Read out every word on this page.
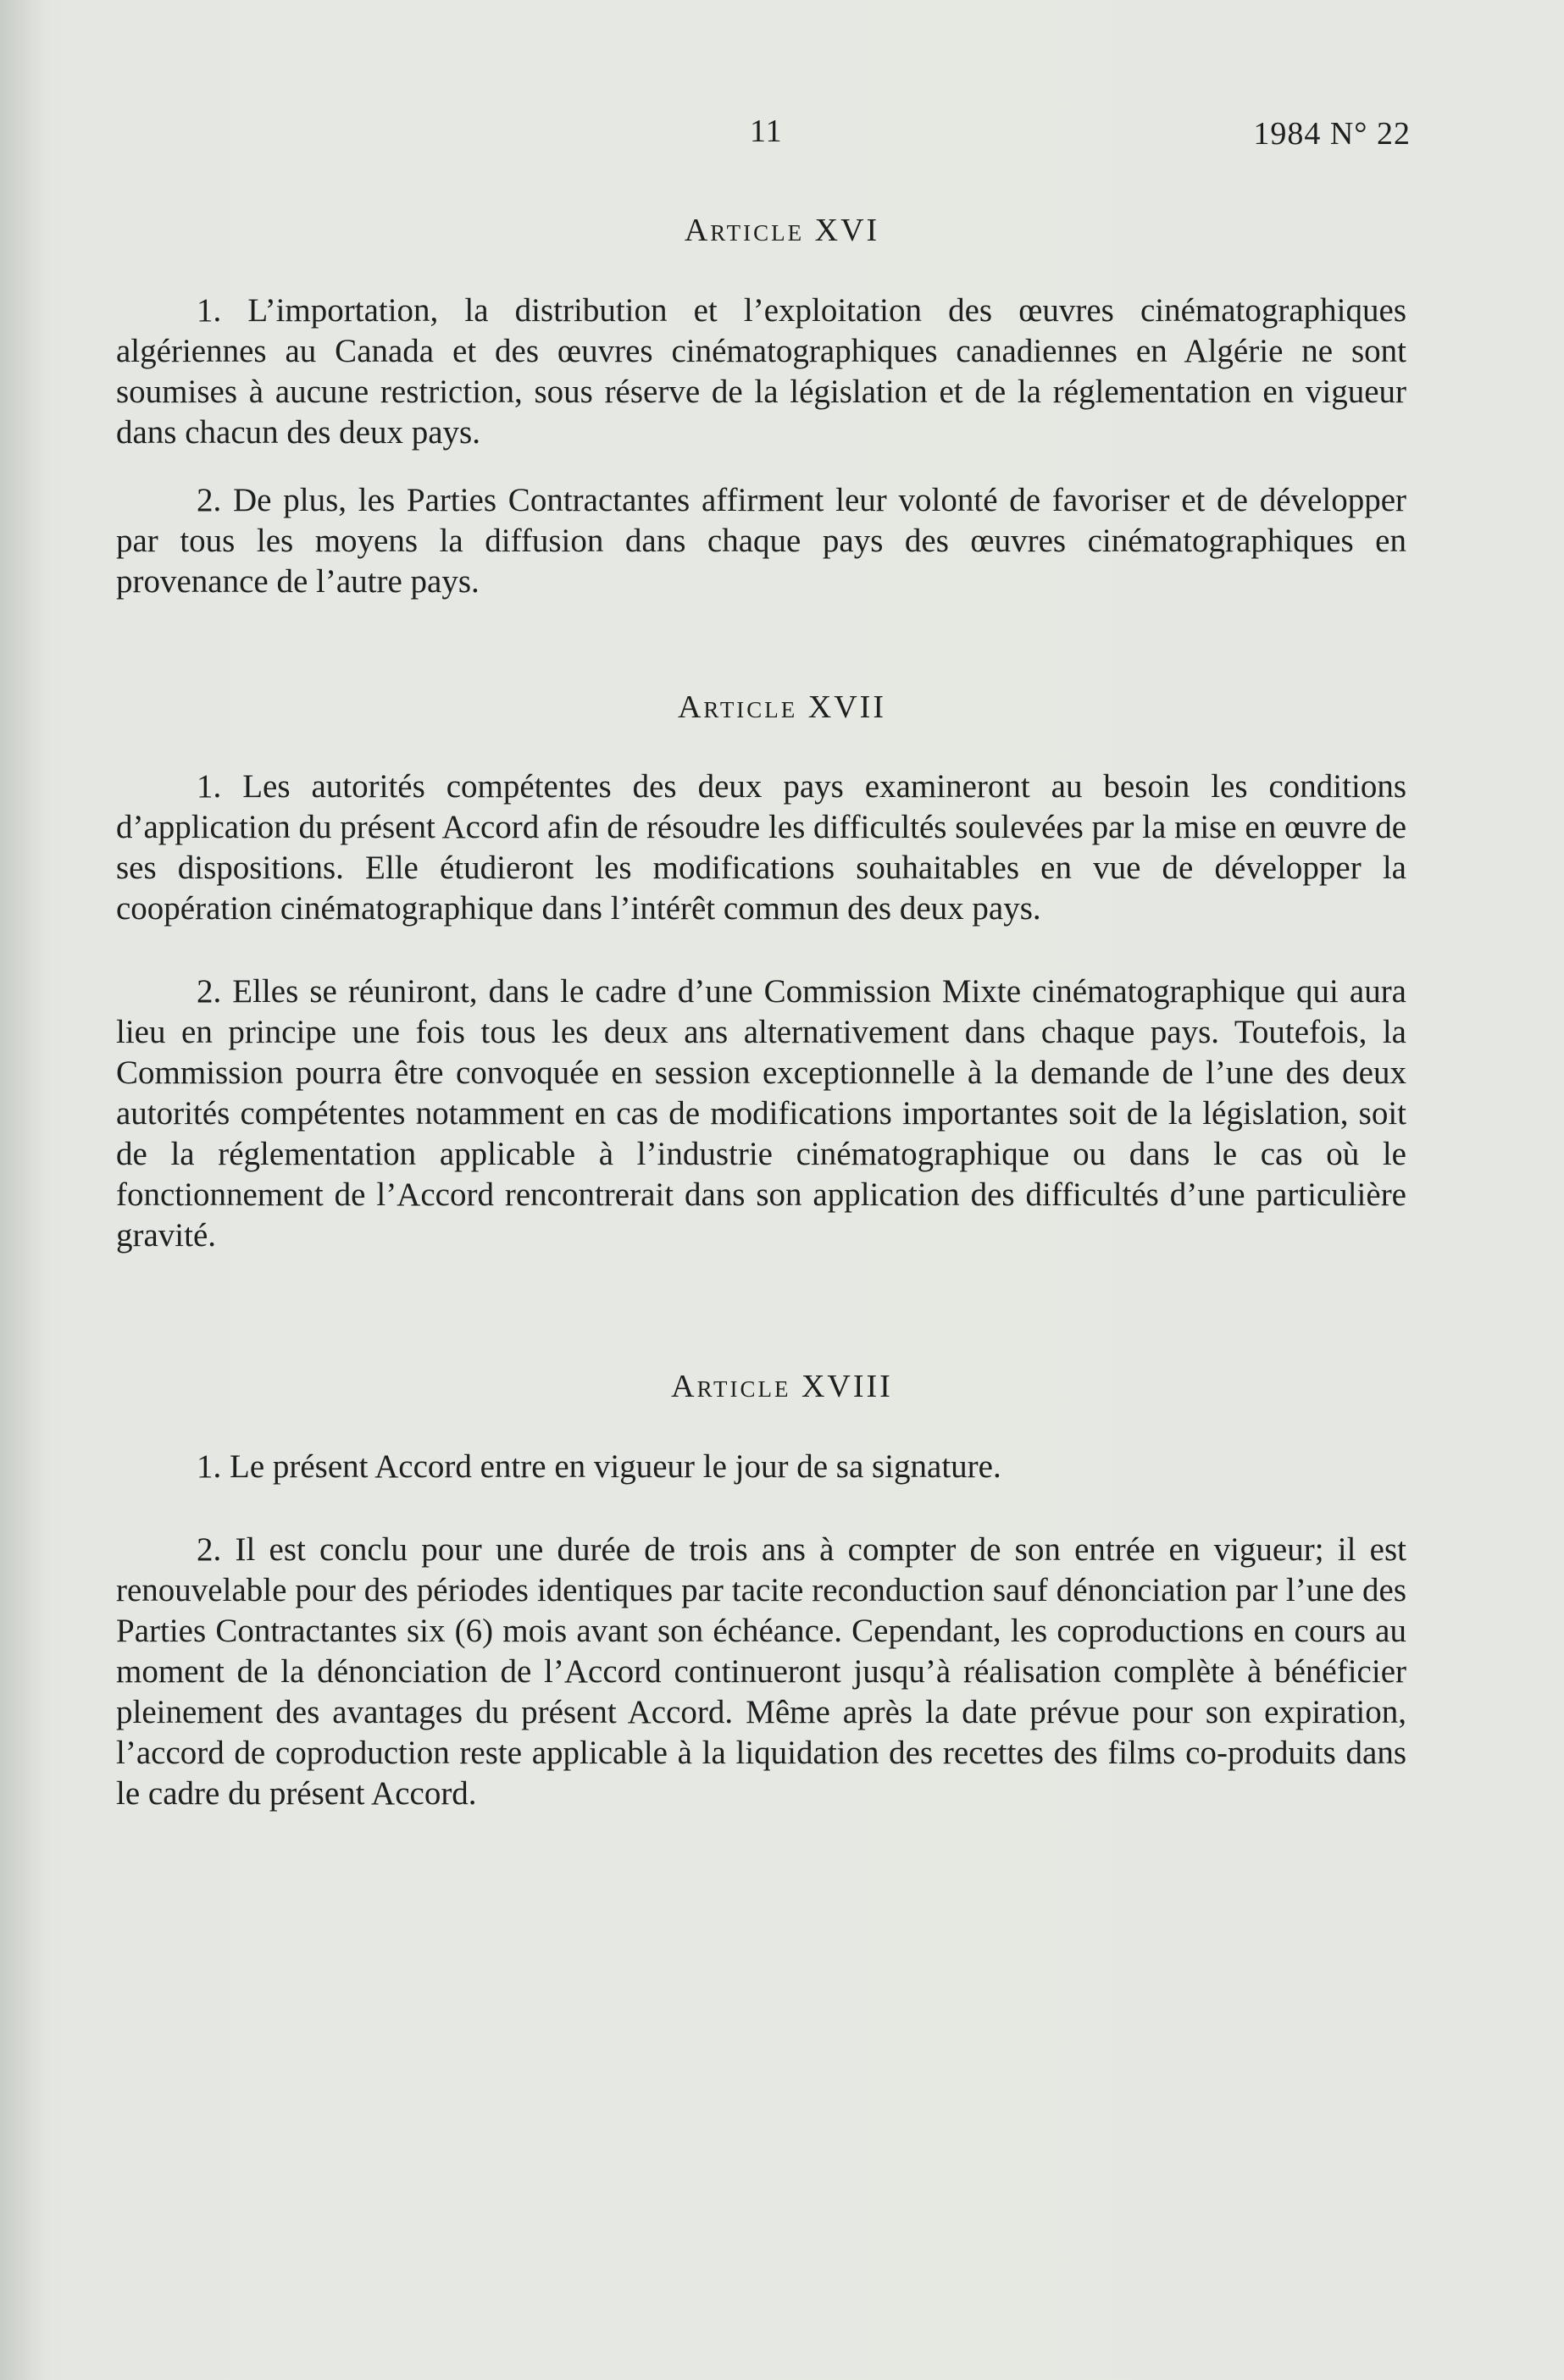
11	1984 N° 22
Article XVI

1. L’importation, la distribution et l’exploitation des œuvres cinématographiques algériennes au Canada et des œuvres cinématographiques canadiennes en Algérie ne sont soumises à aucune restriction, sous réserve de la législation et de la réglementation en vigueur dans chacun des deux pays.

2. De plus, les Parties Contractantes affirment leur volonté de favoriser et de développer par tous les moyens la diffusion dans chaque pays des œuvres cinématographiques en provenance de l’autre pays.

Article XVII

1. Les autorités compétentes des deux pays examineront au besoin les conditions d’application du présent Accord afin de résoudre les difficultés soulevées par la mise en œuvre de ses dispositions. Elle étudieront les modifications souhaitables en vue de développer la coopération cinématographique dans l’intérêt commun des deux pays.

2. Elles se réuniront, dans le cadre d’une Commission Mixte cinématographique qui aura lieu en principe une fois tous les deux ans alternativement dans chaque pays. Toutefois, la Commission pourra être convoquée en session exceptionnelle à la demande de l’une des deux autorités compétentes notamment en cas de modifications importantes soit de la législation, soit de la réglementation applicable à l’industrie cinématographique ou dans le cas où le fonctionnement de l’Accord rencontrerait dans son application des difficultés d’une particulière gravité.

Article XVIII

1. Le présent Accord entre en vigueur le jour de sa signature.

2. Il est conclu pour une durée de trois ans à compter de son entrée en vigueur; il est renouvelable pour des périodes identiques par tacite reconduction sauf dénonciation par l’une des Parties Contractantes six (6) mois avant son échéance. Cependant, les coproductions en cours au moment de la dénonciation de l’Accord continueront jusqu’à réalisation complète à bénéficier pleinement des avantages du présent Accord. Même après la date prévue pour son expiration, l’accord de coproduction reste applicable à la liquidation des recettes des films co-produits dans le cadre du présent Accord.
